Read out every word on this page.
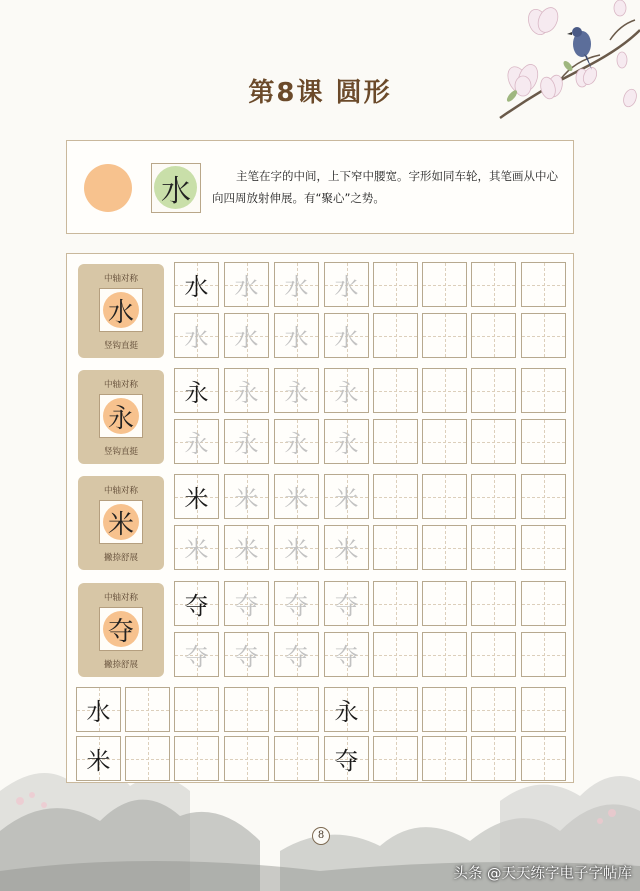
第8课 圆形
水	主笔在字的中间，上下窄中腰宽。字形如同车轮，其笔画从中心向四周放射伸展。有“聚心”之势。

中轴对称
水
竖钩直挺
水	水	水	水
水	水	水	水
中轴对称
永
竖钩直挺
永	永	永	永
永	永	永	永
中轴对称
米
撇捺舒展
米	米	米	米
米	米	米	米
中轴对称
夺
撇捺舒展
夺	夺	夺	夺
夺	夺	夺	夺
水	永
米	夺
8
头条 @天天练字电子字帖库
